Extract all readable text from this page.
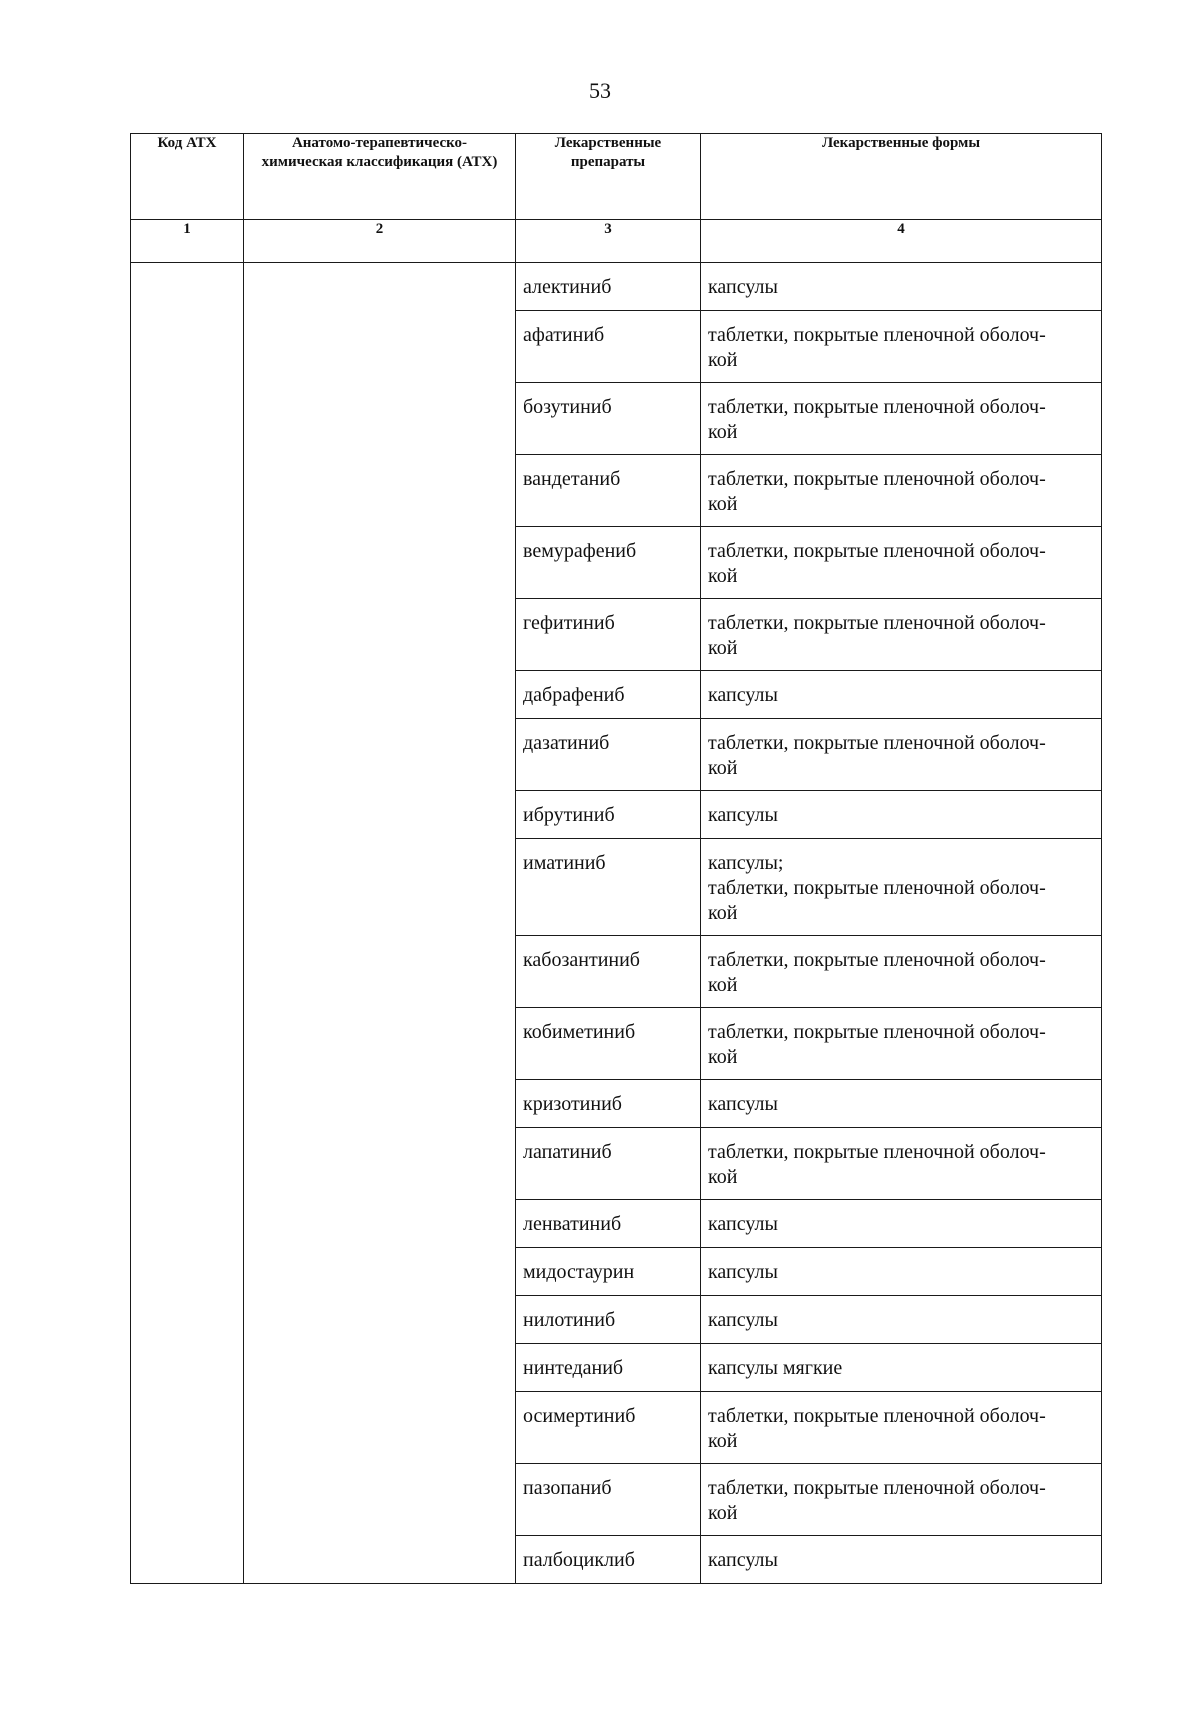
53
Код АТХ	Анатомо-терапевтическо-химическая классификация (АТХ)	Лекарственные препараты	Лекарственные формы
1	2	3	4
		алектиниб	капсулы

		афатиниб	таблетки, покрытые пленочной оболоч-
кой

		бозутиниб	таблетки, покрытые пленочной оболоч-
кой

		вандетаниб	таблетки, покрытые пленочной оболоч-
кой

		вемурафениб	таблетки, покрытые пленочной оболоч-
кой

		гефитиниб	таблетки, покрытые пленочной оболоч-
кой

		дабрафениб	капсулы

		дазатиниб	таблетки, покрытые пленочной оболоч-
кой

		ибрутиниб	капсулы

		иматиниб	капсулы;
таблетки, покрытые пленочной оболоч-
кой

		кабозантиниб	таблетки, покрытые пленочной оболоч-
кой

		кобиметиниб	таблетки, покрытые пленочной оболоч-
кой

		кризотиниб	капсулы

		лапатиниб	таблетки, покрытые пленочной оболоч-
кой

		ленватиниб	капсулы

		мидостаурин	капсулы

		нилотиниб	капсулы

		нинтеданиб	капсулы мягкие

		осимертиниб	таблетки, покрытые пленочной оболоч-
кой

		пазопаниб	таблетки, покрытые пленочной оболоч-
кой

		палбоциклиб	капсулы
